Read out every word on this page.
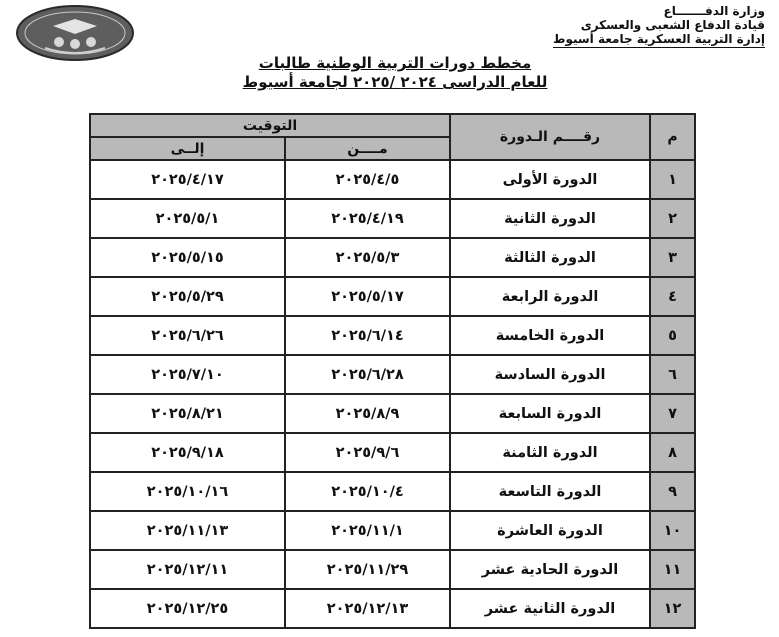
وزارة الدفـــــــاع
قيادة الدفاع الشعبى والعسكرى
إدارة التربية العسكرية جامعة أسيوط
مخطط دورات التربية الوطنية طالبات
للعام الدراسى ٢٠٢٤ /٢٠٢٥ لجامعة أسيوط
م	رقــــم الـدورة	التوقيت	
		مــــن	إلــى
١	الدورة الأولى	٢٠٢٥/٤/٥	٢٠٢٥/٤/١٧
٢	الدورة الثانية	٢٠٢٥/٤/١٩	٢٠٢٥/٥/١
٣	الدورة الثالثة	٢٠٢٥/٥/٣	٢٠٢٥/٥/١٥
٤	الدورة الرابعة	٢٠٢٥/٥/١٧	٢٠٢٥/٥/٢٩
٥	الدورة الخامسة	٢٠٢٥/٦/١٤	٢٠٢٥/٦/٢٦
٦	الدورة السادسة	٢٠٢٥/٦/٢٨	٢٠٢٥/٧/١٠
٧	الدورة السابعة	٢٠٢٥/٨/٩	٢٠٢٥/٨/٢١
٨	الدورة الثامنة	٢٠٢٥/٩/٦	٢٠٢٥/٩/١٨
٩	الدورة التاسعة	٢٠٢٥/١٠/٤	٢٠٢٥/١٠/١٦
١٠	الدورة العاشرة	٢٠٢٥/١١/١	٢٠٢٥/١١/١٣
١١	الدورة الحادية عشر	٢٠٢٥/١١/٢٩	٢٠٢٥/١٢/١١
١٢	الدورة الثانية عشر	٢٠٢٥/١٢/١٣	٢٠٢٥/١٢/٢٥
